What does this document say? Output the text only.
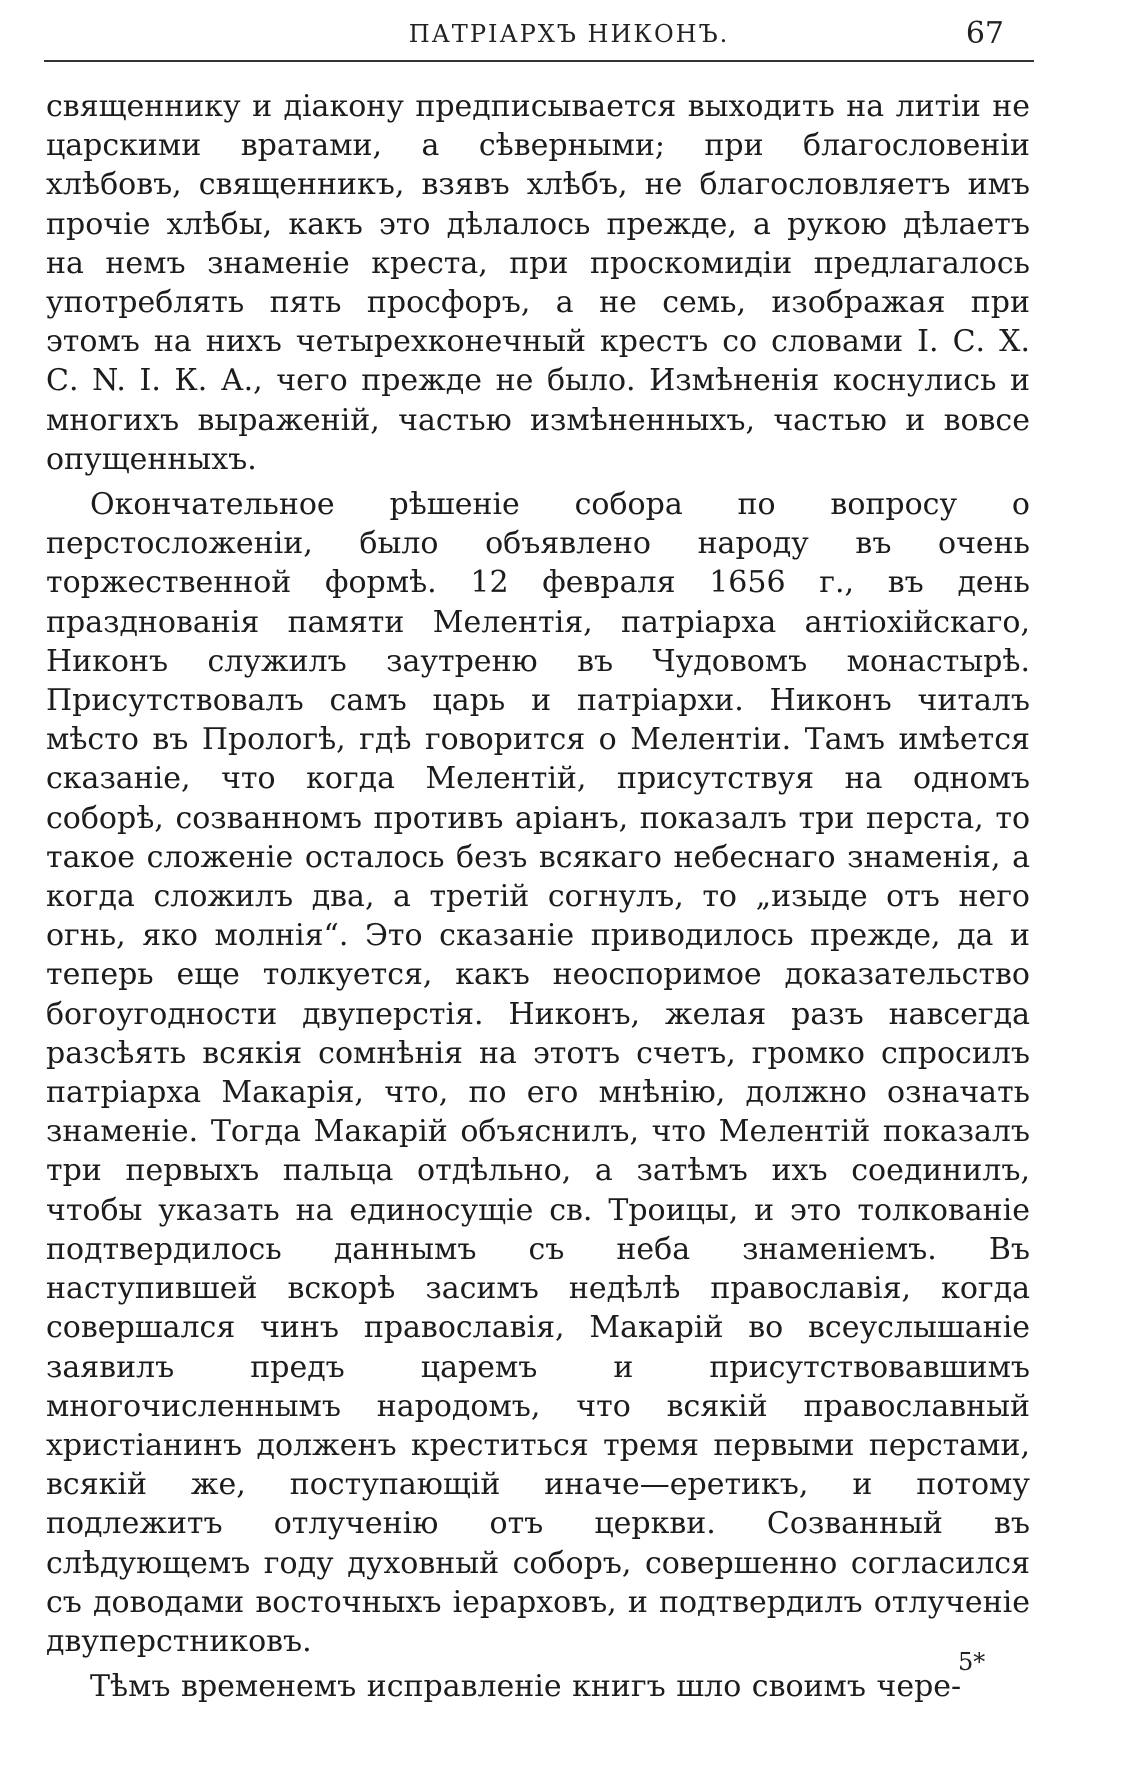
ПАТРІАРХЪ НИКОНЪ.	67

священнику и діакону предписывается выходить на литіи не царскими вратами, а сѣверными; при благословеніи хлѣбовъ, священникъ, взявъ хлѣбъ, не благословляетъ имъ прочіе хлѣбы, какъ это дѣлалось прежде, а рукою дѣлаетъ на немъ знаменіе креста, при проскомидіи предлагалось употреблять пять просфоръ, а не семь, изображая при этомъ на нихъ четырехконечный крестъ со словами I. С. X. С. N. I. К. А., чего прежде не было. Измѣненія коснулись и многихъ выраженій, частью измѣненныхъ, частью и вовсе опущенныхъ.

Окончательное рѣшеніе собора по вопросу о перстосложеніи, было объявлено народу въ очень торжественной формѣ. 12 февраля 1656 г., въ день празднованія памяти Мелентія, патріарха антіохійскаго, Никонъ служилъ заутреню въ Чудовомъ монастырѣ. Присутствовалъ самъ царь и патріархи. Никонъ читалъ мѣсто въ Прологѣ, гдѣ говорится о Мелентіи. Тамъ имѣется сказаніе, что когда Мелентій, присутствуя на одномъ соборѣ, созванномъ противъ аріанъ, показалъ три перста, то такое сложеніе осталось безъ всякаго небеснаго знаменія, а когда сложилъ два, а третій согнулъ, то „изыде отъ него огнь, яко молнія“. Это сказаніе приводилось прежде, да и теперь еще толкуется, какъ неоспоримое доказательство богоугодности двуперстія. Никонъ, желая разъ навсегда разсѣять всякія сомнѣнія на этотъ счетъ, громко спросилъ патріарха Макарія, что, по его мнѣнію, должно означать знаменіе. Тогда Макарій объяснилъ, что Мелентій показалъ три первыхъ пальца отдѣльно, а затѣмъ ихъ соединилъ, чтобы указать на единосущіе св. Троицы, и это толкованіе подтвердилось даннымъ съ неба знаменіемъ. Въ наступившей вскорѣ засимъ недѣлѣ православія, когда совершался чинъ православія, Макарій во всеуслышаніе заявилъ предъ царемъ и присутствовавшимъ многочисленнымъ народомъ, что всякій православный христіанинъ долженъ креститься тремя первыми перстами, всякій же, поступающій иначе—еретикъ, и потому подлежитъ отлученію отъ церкви. Созванный въ слѣдующемъ году духовный соборъ, совершенно согласился съ доводами восточныхъ іерарховъ, и подтвердилъ отлученіе двуперстниковъ.

Тѣмъ временемъ исправленіе книгъ шло своимъ чере-

5*
